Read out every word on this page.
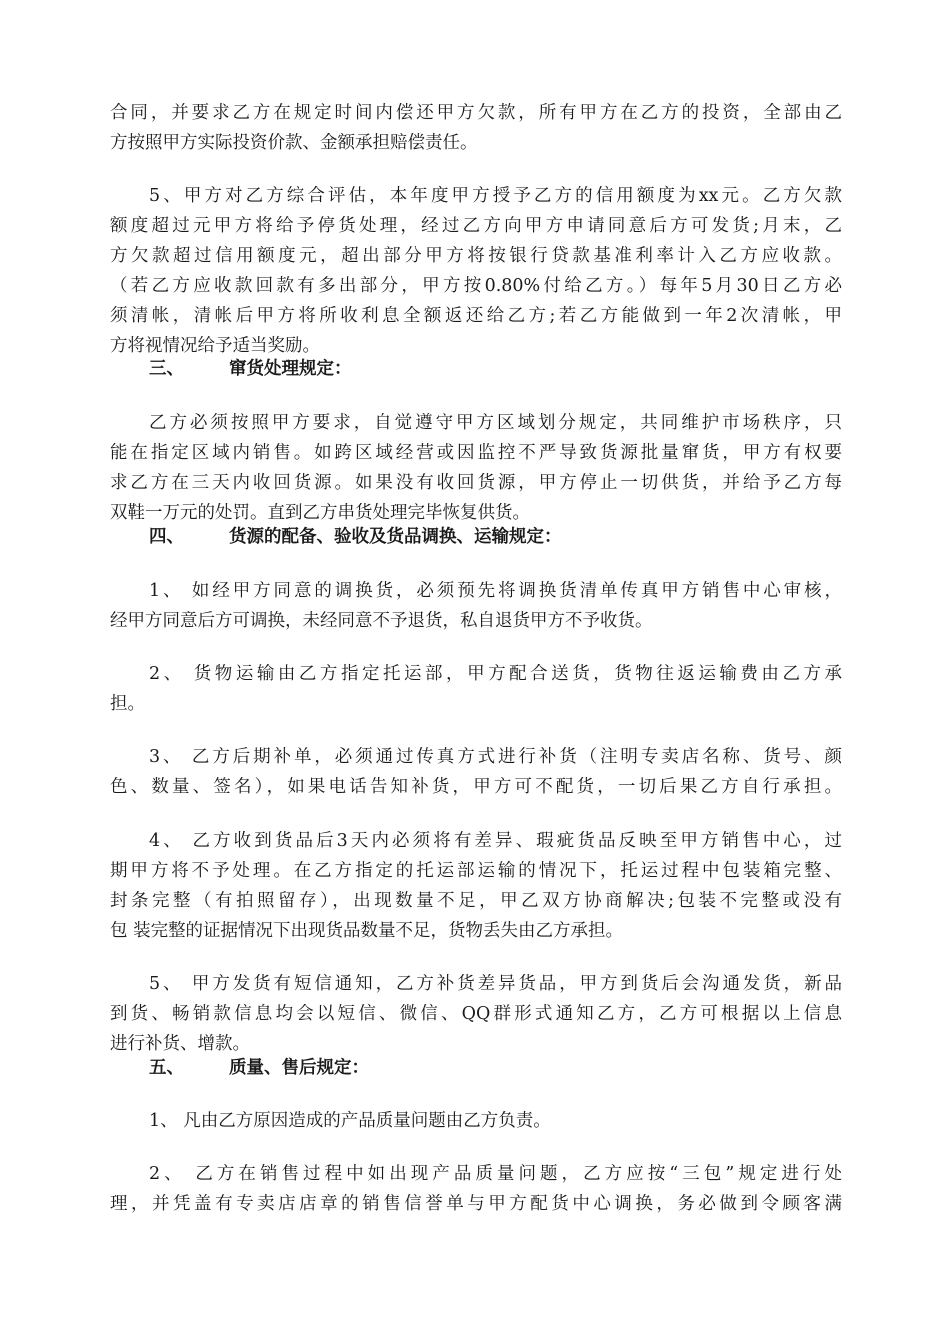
合同，并要求乙方在规定时间内偿还甲方欠款，所有甲方在乙方的投资，全部由乙
方按照甲方实际投资价款、金额承担赔偿责任。
5、甲方对乙方综合评估，本年度甲方授予乙方的信用额度为xx元。乙方欠款
额度超过元甲方将给予停货处理，经过乙方向甲方申请同意后方可发货;月末，乙
方欠款超过信用额度元，超出部分甲方将按银行贷款基准利率计入乙方应收款。
（若乙方应收款回款有多出部分，甲方按0.80%付给乙方。）每年5月30日乙方必
须清帐，清帐后甲方将所收利息全额返还给乙方;若乙方能做到一年2次清帐，甲
方将视情况给予适当奖励。
三、	窜货处理规定：
乙方必须按照甲方要求，自觉遵守甲方区域划分规定，共同维护市场秩序，只
能在指定区域内销售。如跨区域经营或因监控不严导致货源批量窜货，甲方有权要
求乙方在三天内收回货源。如果没有收回货源，甲方停止一切供货，并给予乙方每
双鞋一万元的处罚。直到乙方串货处理完毕恢复供货。
四、	货源的配备、验收及货品调换、运输规定：
1、 如经甲方同意的调换货，必须预先将调换货清单传真甲方销售中心审核，
经甲方同意后方可调换，未经同意不予退货，私自退货甲方不予收货。
2、 货物运输由乙方指定托运部，甲方配合送货，货物往返运输费由乙方承
担。
3、 乙方后期补单，必须通过传真方式进行补货（注明专卖店名称、货号、颜
色、数量、签名），如果电话告知补货，甲方可不配货，一切后果乙方自行承担。
4、 乙方收到货品后3天内必须将有差异、瑕疵货品反映至甲方销售中心，过
期甲方将不予处理。在乙方指定的托运部运输的情况下，托运过程中包装箱完整、
封条完整（有拍照留存），出现数量不足，甲乙双方协商解决;包装不完整或没有
包 装完整的证据情况下出现货品数量不足，货物丢失由乙方承担。
5、 甲方发货有短信通知，乙方补货差异货品，甲方到货后会沟通发货，新品
到货、畅销款信息均会以短信、微信、QQ群形式通知乙方，乙方可根据以上信息
进行补货、增款。
五、	质量、售后规定：
1、 凡由乙方原因造成的产品质量问题由乙方负责。
2、 乙方在销售过程中如出现产品质量问题，乙方应按“三包”规定进行处
理，并凭盖有专卖店店章的销售信誉单与甲方配货中心调换，务必做到令顾客满
